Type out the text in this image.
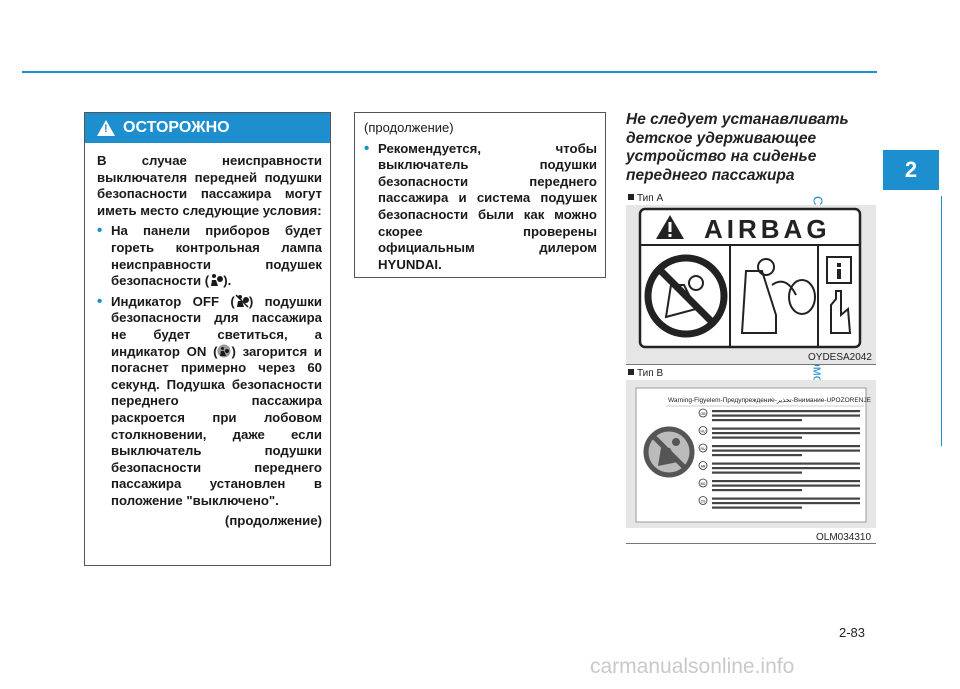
2
автомобиля
!
ОСТОРОЖНО

В случае неисправности выключателя передней подушки безопасности пассажира могут иметь место следующие условия:

• На панели приборов будет гореть контрольная лампа неисправности подушек безопасности ( ).
• Индикатор OFF ( ) подушки безопасности для пассажира не будет светиться, а индикатор ON ( ) загорится и погаснет примерно через 60 секунд. Подушка безопасности переднего пассажира раскроется при лобовом столкновении, даже если выключатель подушки безопасности переднего пассажира установлен в положение "выключено".
(продолжение)

(продолжение)

• Рекомендуется, чтобы выключатель подушки безопасности переднего пассажира и система подушек безопасности были как можно скорее проверены официальным дилером HYUNDAI.
Не следует устанавливать детское удерживающее устройство на сиденье переднего пассажира
Тип A
AIRBAG
OYDESA2042
Тип B
Warning-Figyelem-Предупреждение-تحذير-Внимание-UPOZORENJE
GB
HU
RU
AR
BG
CS
OLM034310
2-83
carmanualsonline.info
